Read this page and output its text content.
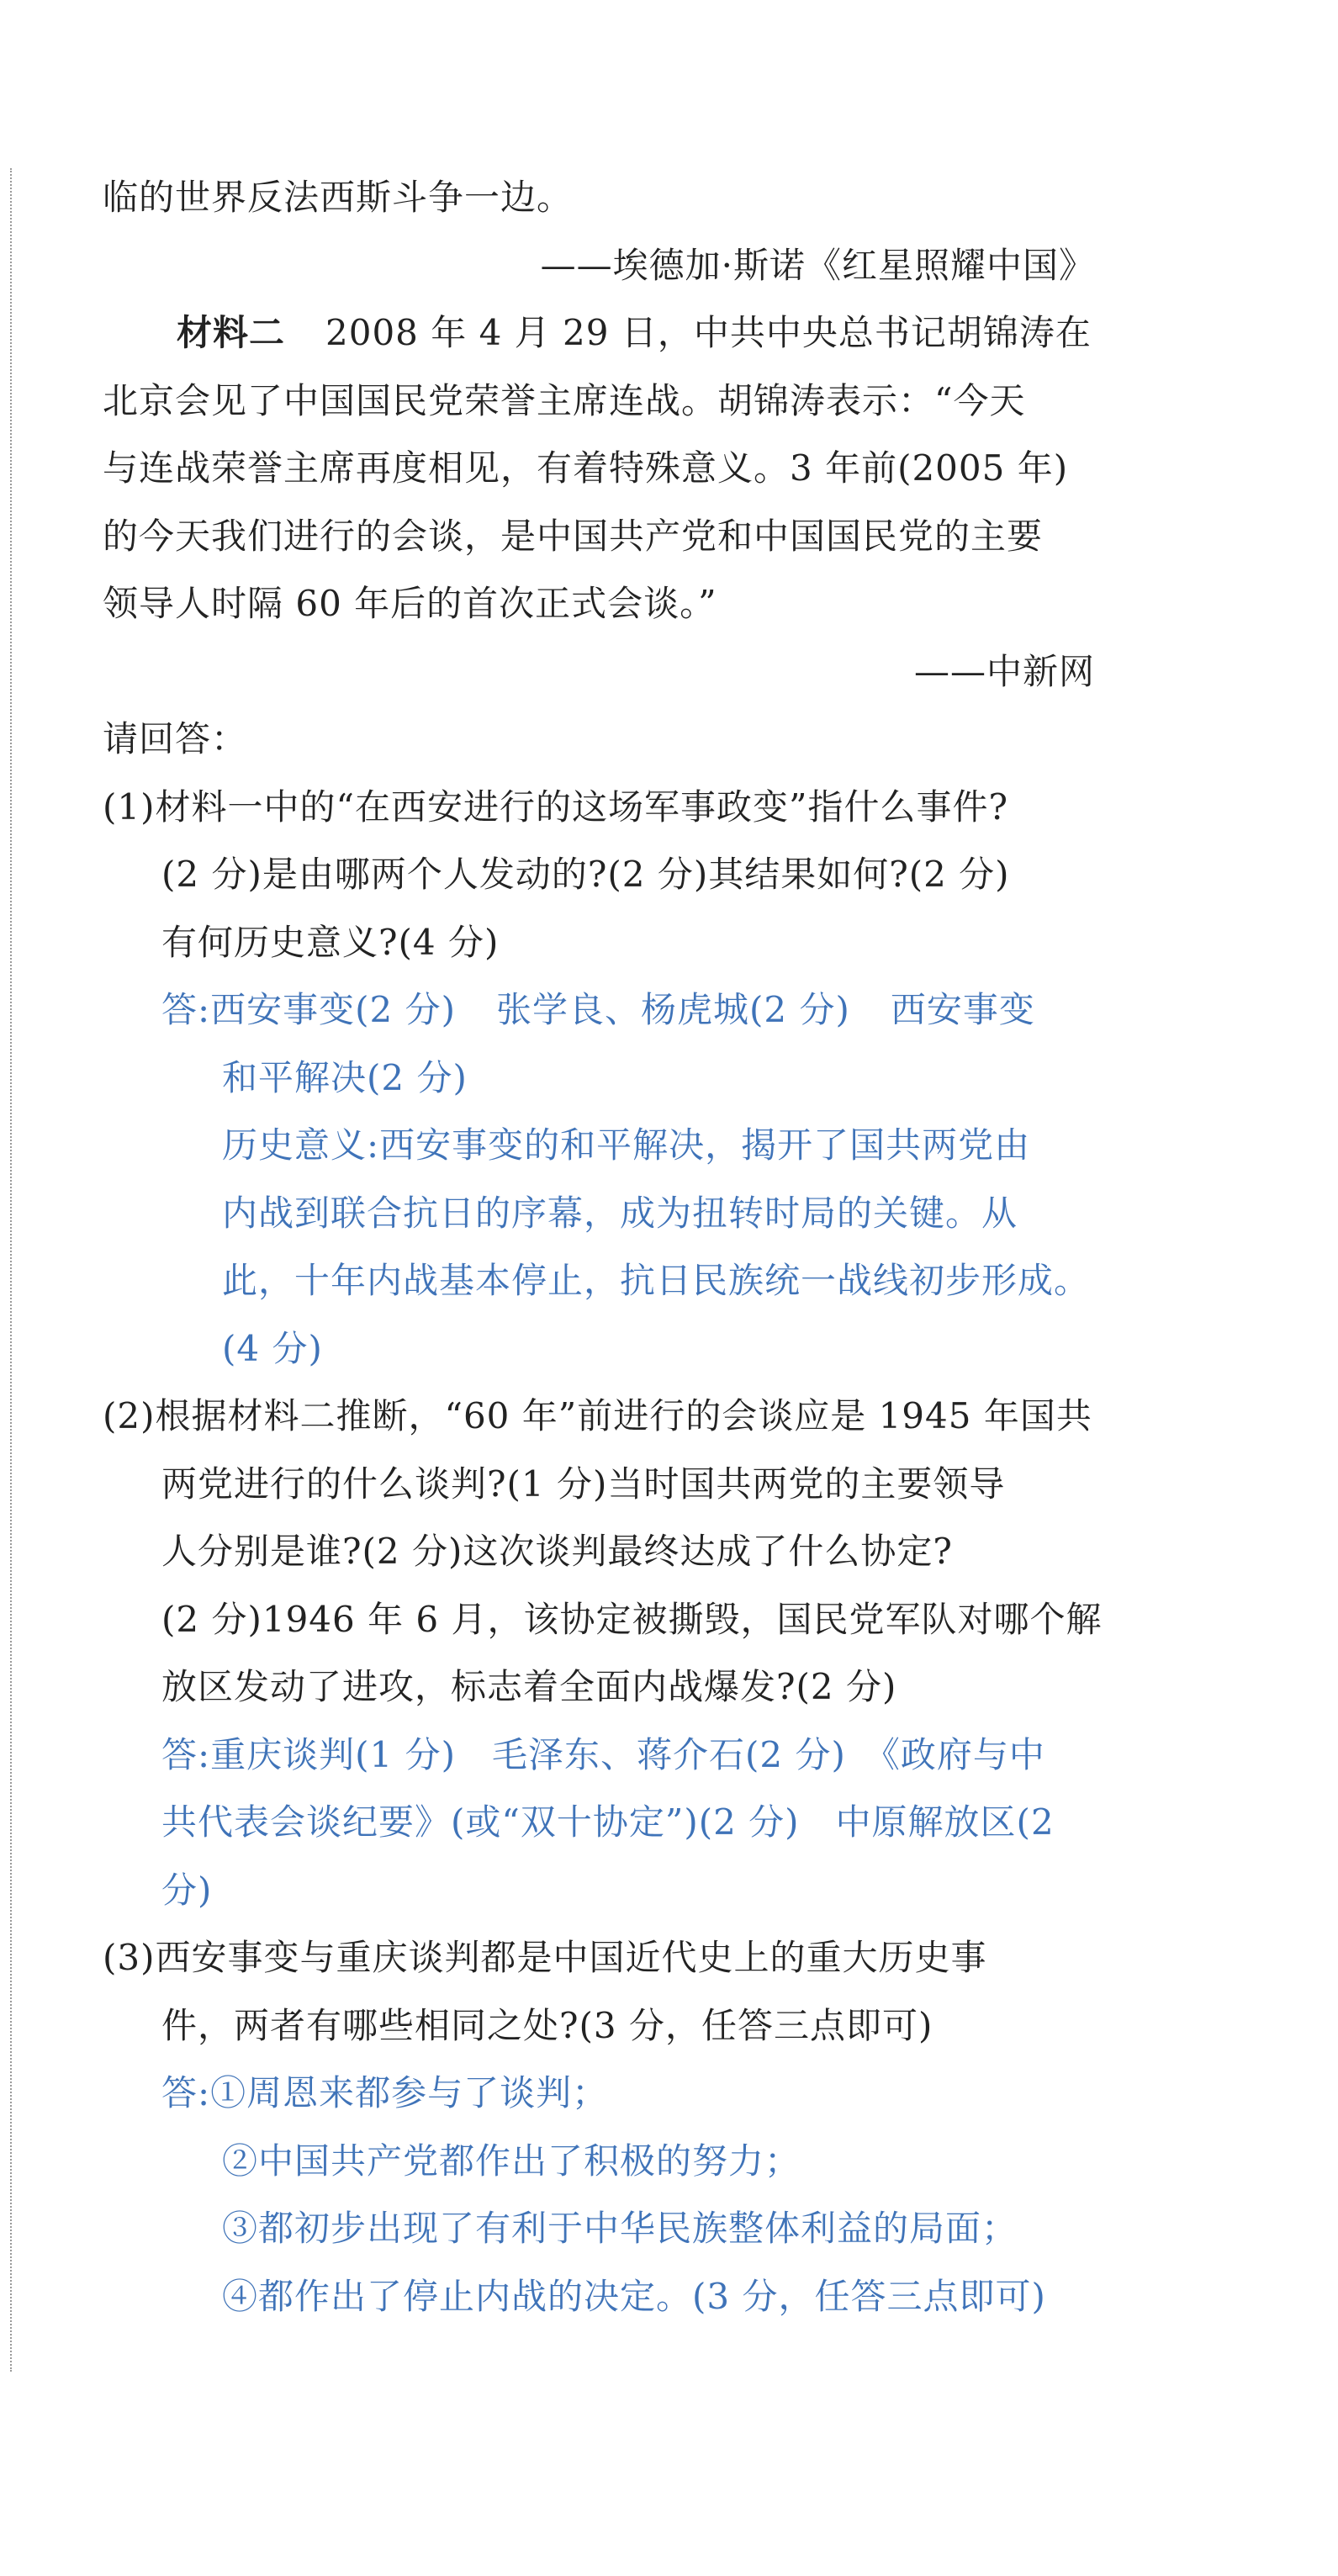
临的世界反法西斯斗争一边。
——埃德加·斯诺《红星照耀中国》
材料二 2008 年 4 月 29 日，中共中央总书记胡锦涛在
北京会见了中国国民党荣誉主席连战。胡锦涛表示：“今天
与连战荣誉主席再度相见，有着特殊意义。3 年前(2005 年)
的今天我们进行的会谈，是中国共产党和中国国民党的主要
领导人时隔 60 年后的首次正式会谈。”
——中新网
请回答：
(1)材料一中的“在西安进行的这场军事政变”指什么事件?
(2 分)是由哪两个人发动的?(2 分)其结果如何?(2 分)
有何历史意义?(4 分)
答:西安事变(2 分) 张学良、杨虎城(2 分) 西安事变
和平解决(2 分)
历史意义:西安事变的和平解决，揭开了国共两党由
内战到联合抗日的序幕，成为扭转时局的关键。从
此，十年内战基本停止，抗日民族统一战线初步形成。
(4 分)
(2)根据材料二推断，“60 年”前进行的会谈应是 1945 年国共
两党进行的什么谈判?(1 分)当时国共两党的主要领导
人分别是谁?(2 分)这次谈判最终达成了什么协定?
(2 分)1946 年 6 月，该协定被撕毁，国民党军队对哪个解
放区发动了进攻，标志着全面内战爆发?(2 分)
答:重庆谈判(1 分)　毛泽东、蒋介石(2 分)　《政府与中
共代表会谈纪要》(或“双十协定”)(2 分)　中原解放区(2
分)
(3)西安事变与重庆谈判都是中国近代史上的重大历史事
件，两者有哪些相同之处?(3 分，任答三点即可)
答:①周恩来都参与了谈判；
②中国共产党都作出了积极的努力；
③都初步出现了有利于中华民族整体利益的局面；
④都作出了停止内战的决定。(3 分，任答三点即可)
